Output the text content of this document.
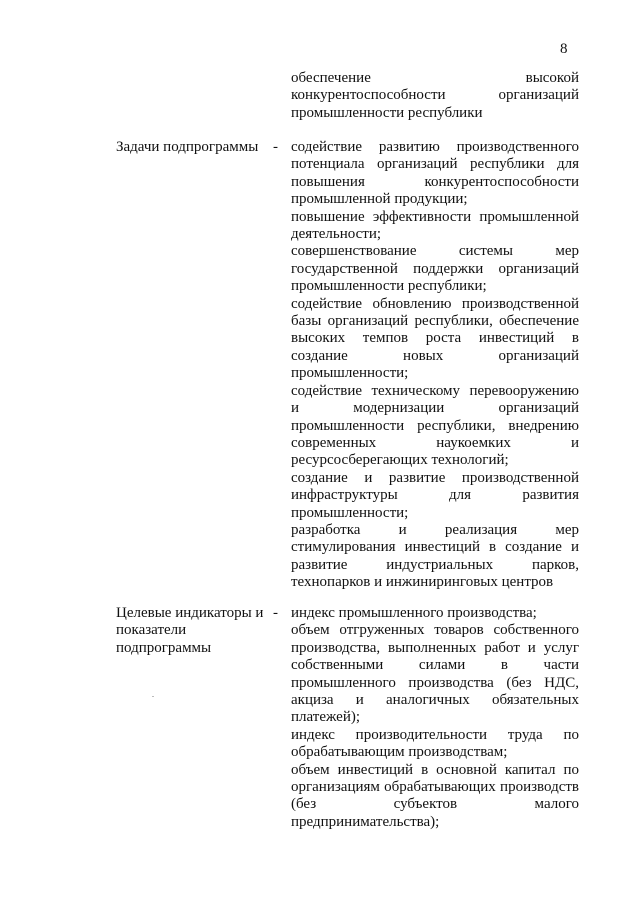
8

обеспечение высокой конкурентоспособности организаций промышленности республики

Задачи подпрограммы - содействие развитию производственного потенциала организаций республики для повышения конкурентоспособности промышленной продукции;

повышение эффективности промышленной деятельности;

совершенствование системы мер государственной поддержки организаций промышленности республики;

содействие обновлению производственной базы организаций республики, обеспечение высоких темпов роста инвестиций в создание новых организаций промышленности;

содействие техническому перевооружению и модернизации организаций промышленности республики, внедрению современных наукоемких и ресурсосберегающих технологий;

создание и развитие производственной инфраструктуры для развития промышленности;

разработка и реализация мер стимулирования инвестиций в создание и развитие индустриальных парков, технопарков и инжиниринговых центров

Целевые индикаторы и показатели подпрограммы
- индекс промышленного производства;

объем отгруженных товаров собственного производства, выполненных работ и услуг собственными силами в части промышленного производства (без НДС, акциза и аналогичных обязательных платежей);

индекс производительности труда по обрабатывающим производствам;

объем инвестиций в основной капитал по организациям обрабатывающих производств (без субъектов малого предпринимательства);
